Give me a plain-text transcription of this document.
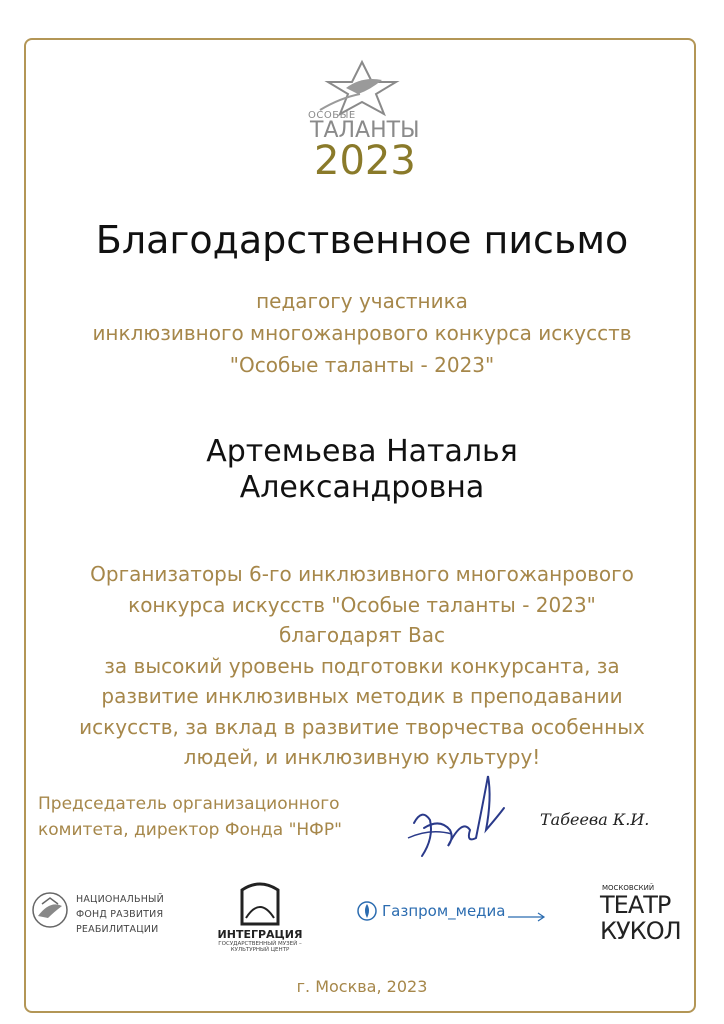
ОСОБЫЕ
ТАЛАНТЫ
2023
Благодарственное письмо
педагогу участника
инклюзивного многожанрового конкурса искусств
"Особые таланты - 2023"
Артемьева Наталья
Александровна
Организаторы 6-го инклюзивного многожанрового
конкурса искусств "Особые таланты - 2023"
благодарят Вас
за высокий уровень подготовки конкурсанта, за
развитие инклюзивных методик в преподавании
искусств, за вклад в развитие творчества особенных
людей, и инклюзивную культуру!
Председатель организационного
комитета, директор Фонда "НФР"
Табеева К.И.
НАЦИОНАЛЬНЫЙ
ФОНД РАЗВИТИЯ
РЕАБИЛИТАЦИИ	ИНТЕГРАЦИЯ
ГОСУДАРСТВЕННЫЙ МУЗЕЙ –
КУЛЬТУРНЫЙ ЦЕНТР
Газпром_медиа
МОСКОВСКИЙ
ТЕАТР
КУКОЛ
г. Москва, 2023
